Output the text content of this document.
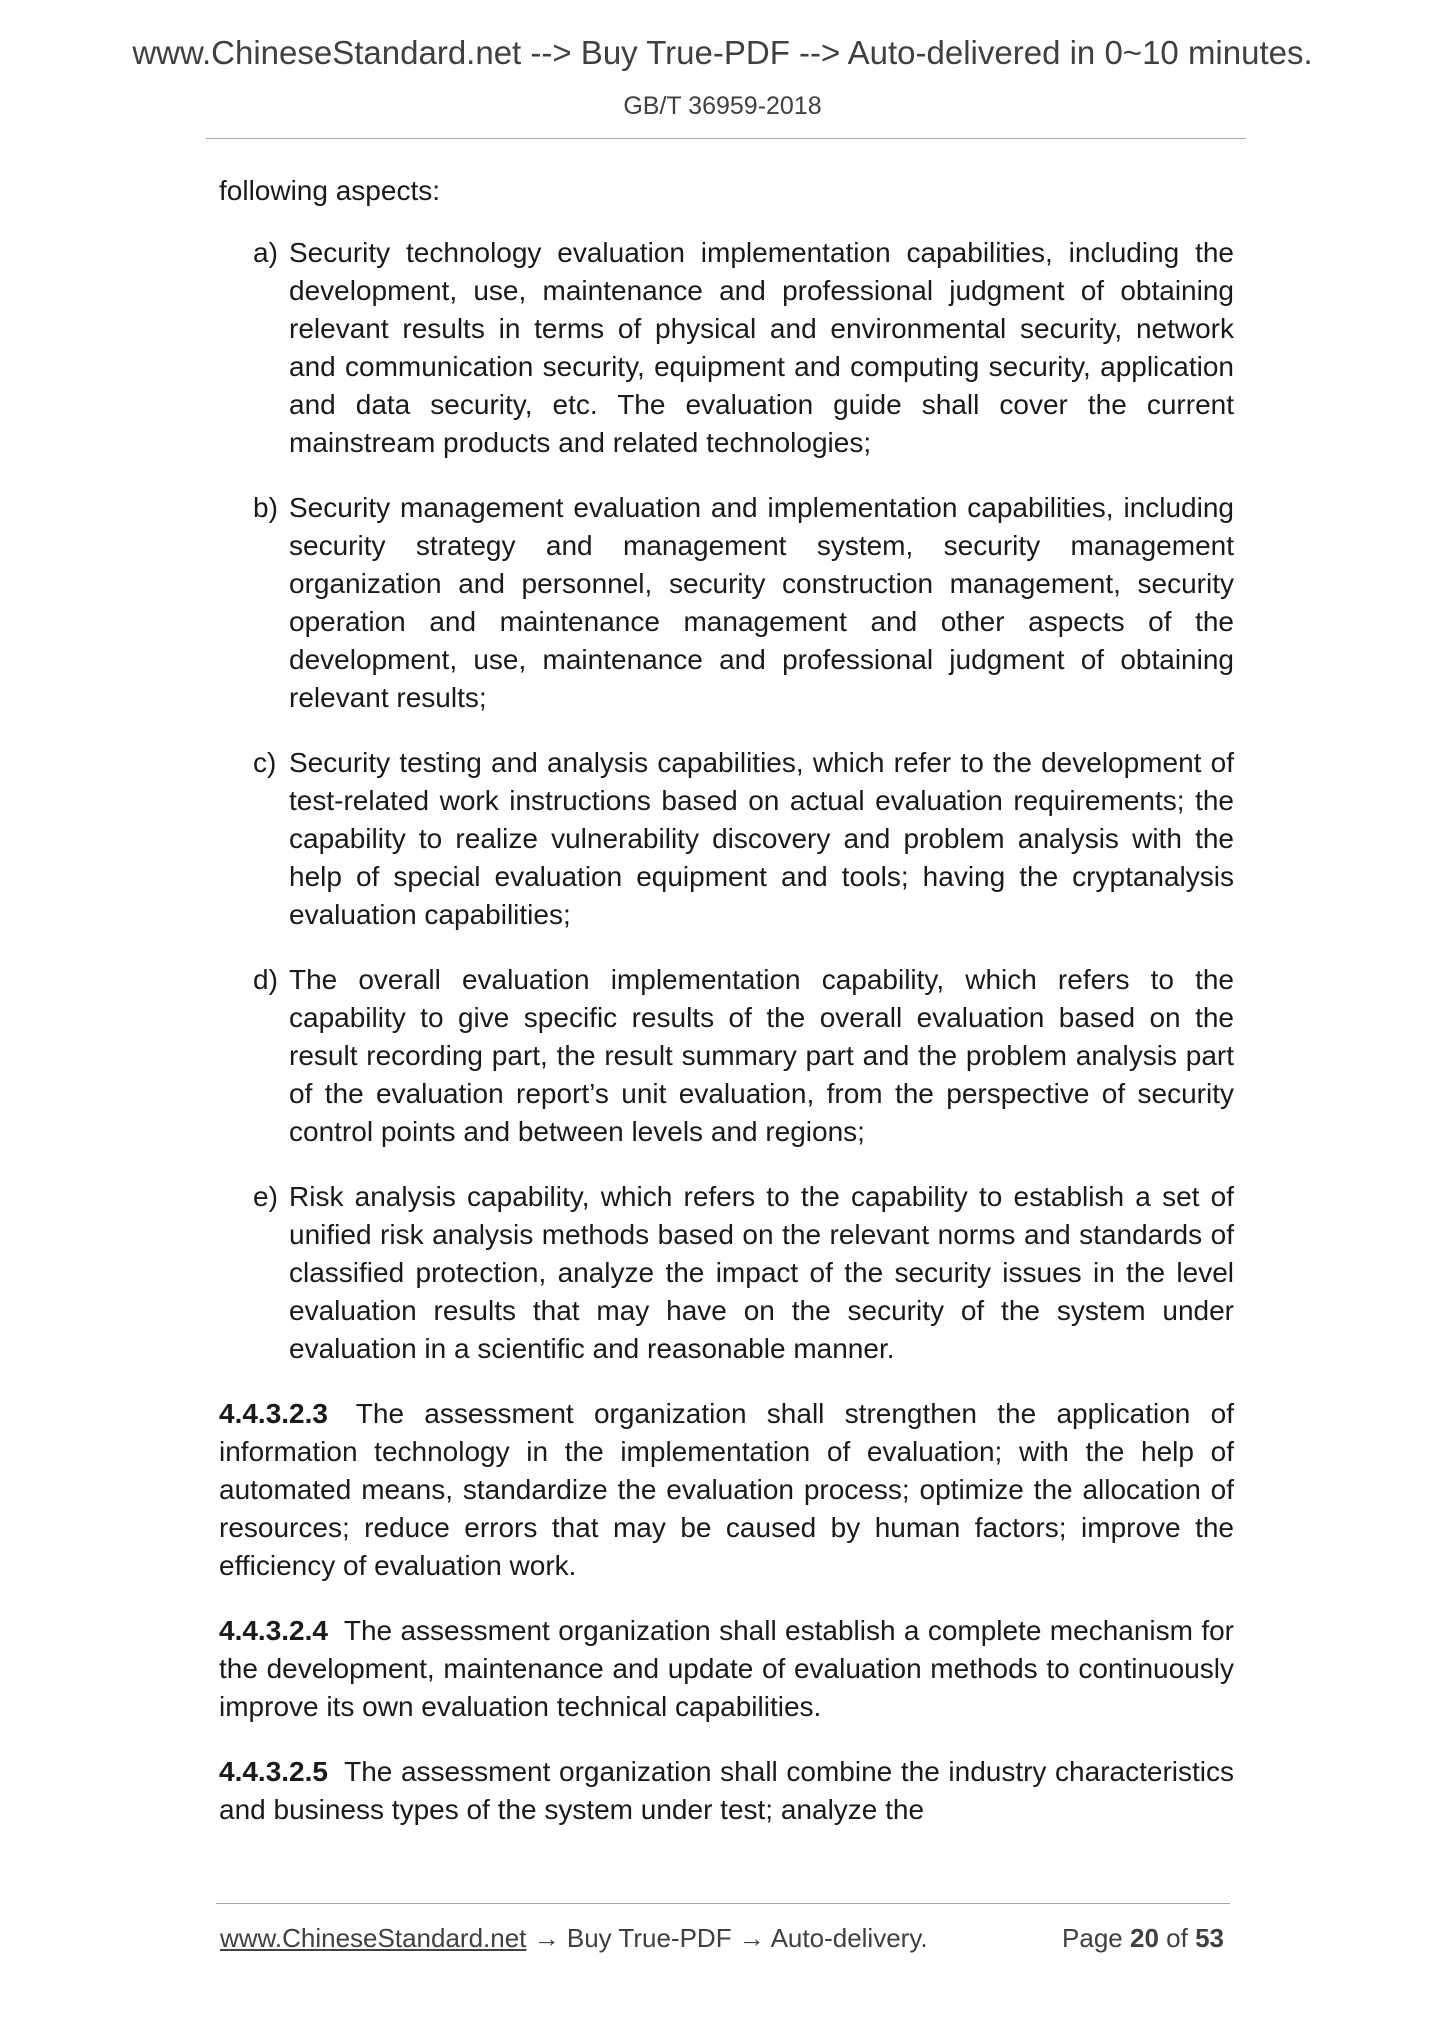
www.ChineseStandard.net --> Buy True-PDF --> Auto-delivered in 0~10 minutes.
GB/T 36959-2018

following aspects:

a) Security technology evaluation implementation capabilities, including the development, use, maintenance and professional judgment of obtaining relevant results in terms of physical and environmental security, network and communication security, equipment and computing security, application and data security, etc. The evaluation guide shall cover the current mainstream products and related technologies;
b) Security management evaluation and implementation capabilities, including security strategy and management system, security management organization and personnel, security construction management, security operation and maintenance management and other aspects of the development, use, maintenance and professional judgment of obtaining relevant results;
c) Security testing and analysis capabilities, which refer to the development of test-related work instructions based on actual evaluation requirements; the capability to realize vulnerability discovery and problem analysis with the help of special evaluation equipment and tools; having the cryptanalysis evaluation capabilities;
d) The overall evaluation implementation capability, which refers to the capability to give specific results of the overall evaluation based on the result recording part, the result summary part and the problem analysis part of the evaluation report’s unit evaluation, from the perspective of security control points and between levels and regions;
e) Risk analysis capability, which refers to the capability to establish a set of unified risk analysis methods based on the relevant norms and standards of classified protection, analyze the impact of the security issues in the level evaluation results that may have on the security of the system under evaluation in a scientific and reasonable manner.

4.4.3.2.3 The assessment organization shall strengthen the application of information technology in the implementation of evaluation; with the help of automated means, standardize the evaluation process; optimize the allocation of resources; reduce errors that may be caused by human factors; improve the efficiency of evaluation work.

4.4.3.2.4 The assessment organization shall establish a complete mechanism for the development, maintenance and update of evaluation methods to continuously improve its own evaluation technical capabilities.

4.4.3.2.5 The assessment organization shall combine the industry characteristics and business types of the system under test; analyze the

www.ChineseStandard.net → Buy True-PDF → Auto-delivery.	Page 20 of 53
